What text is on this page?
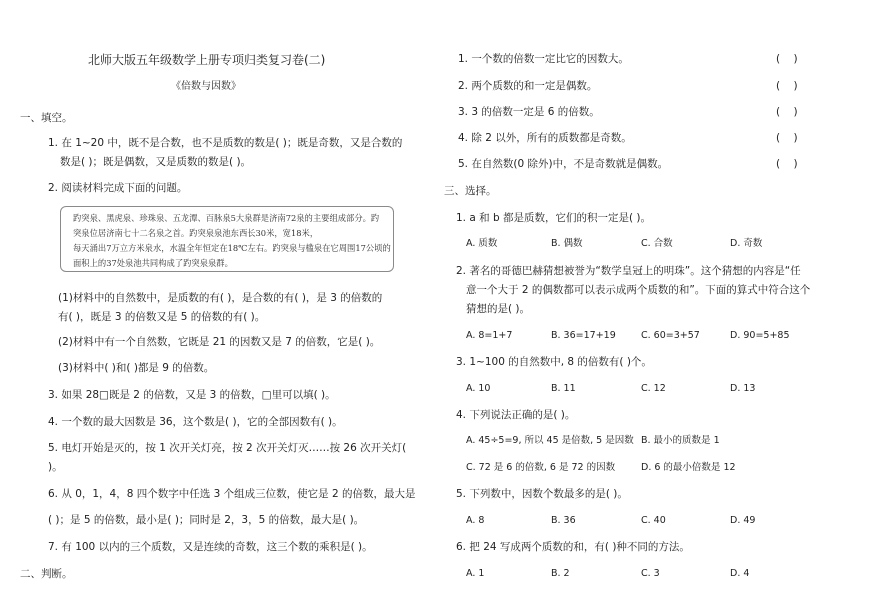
北师大版五年级数学上册专项归类复习卷(二)
《倍数与因数》
一、填空。
1. 在 1~20 中，既不是合数，也不是质数的数是( )；既是奇数，又是合数的
数是( )；既是偶数，又是质数的数是( )。
2. 阅读材料完成下面的问题。
趵突泉、黑虎泉、珍珠泉、五龙潭、百脉泉5大泉群是济南72泉的主要组成部分。趵
突泉位居济南七十二名泉之首。趵突泉泉池东西长30米，宽18米，
每天涌出7万立方米泉水，水温全年恒定在18℃左右。趵突泉与槛泉在它周围17公顷的
面积上的37处泉池共同构成了趵突泉泉群。
(1)材料中的自然数中，是质数的有( )，是合数的有( )，是 3 的倍数的
有( )，既是 3 的倍数又是 5 的倍数的有( )。
(2)材料中有一个自然数，它既是 21 的因数又是 7 的倍数，它是( )。
(3)材料中( )和( )都是 9 的倍数。
3. 如果 28□既是 2 的倍数，又是 3 的倍数，□里可以填( )。
4. 一个数的最大因数是 36，这个数是( )，它的全部因数有( )。
5. 电灯开始是灭的，按 1 次开关灯亮，按 2 次开关灯灭……按 26 次开关灯(
)。
6. 从 0，1，4，8 四个数字中任选 3 个组成三位数，使它是 2 的倍数，最大是
( )；是 5 的倍数，最小是( )；同时是 2，3，5 的倍数，最大是( )。
7. 有 100 以内的三个质数，又是连续的奇数，这三个数的乘积是( )。
二、判断。
1. 一个数的倍数一定比它的因数大。	(    )
2. 两个质数的和一定是偶数。	(    )
3. 3 的倍数一定是 6 的倍数。	(    )
4. 除 2 以外，所有的质数都是奇数。	(    )
5. 在自然数(0 除外)中，不是奇数就是偶数。	(    )
三、选择。
1. a 和 b 都是质数，它们的积一定是( )。
A. 质数	B. 偶数	C. 合数	D. 奇数
2. 著名的哥德巴赫猜想被誉为“数学皇冠上的明珠”。这个猜想的内容是“任
意一个大于 2 的偶数都可以表示成两个质数的和”。下面的算式中符合这个
猜想的是( )。
A. 8=1+7	B. 36=17+19	C. 60=3+57	D. 90=5+85
3. 1~100 的自然数中, 8 的倍数有( )个。
A. 10	B. 11	C. 12	D. 13
4. 下列说法正确的是( )。
A. 45÷5=9, 所以 45 是倍数, 5 是因数 B. 最小的质数是 1
C. 72 是 6 的倍数, 6 是 72 的因数	D. 6 的最小倍数是 12
5. 下列数中，因数个数最多的是( )。
A. 8	B. 36	C. 40	D. 49
6. 把 24 写成两个质数的和，有( )种不同的方法。
A. 1	B. 2	C. 3	D. 4
